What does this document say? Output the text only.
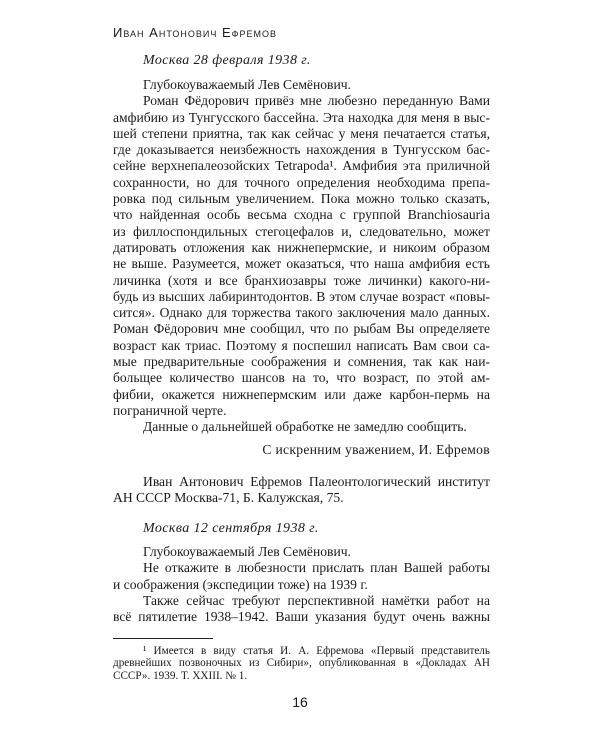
Иван Антонович Ефремов
Москва 28 февраля 1938 г.
Глубокоуважаемый Лев Семёнович.
Роман Фёдорович привёз мне любезно переданную Вами
амфибию из Тунгусского бассейна. Эта находка для меня в выс-
шей степени приятна, так как сейчас у меня печатается статья,
где доказывается неизбежность нахождения в Тунгусском бас-
сейне верхнепалеозойских Tetrapoda¹. Амфибия эта приличной
сохранности, но для точного определения необходима препа-
ровка под сильным увеличением. Пока можно только сказать,
что найденная особь весьма сходна с группой Branchiosauria
из филлоспондильных стегоцефалов и, следовательно, может
датировать отложения как нижнепермские, и никоим образом
не выше. Разумеется, может оказаться, что наша амфибия есть
личинка (хотя и все бранхиозавры тоже личинки) какого-ни-
будь из высших лабиринтодонтов. В этом случае возраст «повы-
сится». Однако для торжества такого заключения мало данных.
Роман Фёдорович мне сообщил, что по рыбам Вы определяете
возраст как триас. Поэтому я поспешил написать Вам свои са-
мые предварительные соображения и сомнения, так как наи-
больщее количество шансов на то, что возраст, по этой ам-
фибии, окажется нижнепермским или даже карбон-пермь на
пограничной черте.
Данные о дальнейшей обработке не замедлю сообщить.
С искренним уважением, И. Ефремов
Иван Антонович Ефремов Палеонтологический институт
АН СССР Москва-71, Б. Калужская, 75.
Москва 12 сентября 1938 г.
Глубокоуважаемый Лев Семёнович.
Не откажите в любезности прислать план Вашей работы
и соображения (экспедиции тоже) на 1939 г.
Также сейчас требуют перспективной намётки работ на
всё пятилетие 1938–1942. Ваши указания будут очень важны
¹ Имеется в виду статья И. А. Ефремова «Первый представитель
древнейших позвоночных из Сибири», опубликованная в «Докладах АН
СССР». 1939. Т. XXIII. № 1.
16
